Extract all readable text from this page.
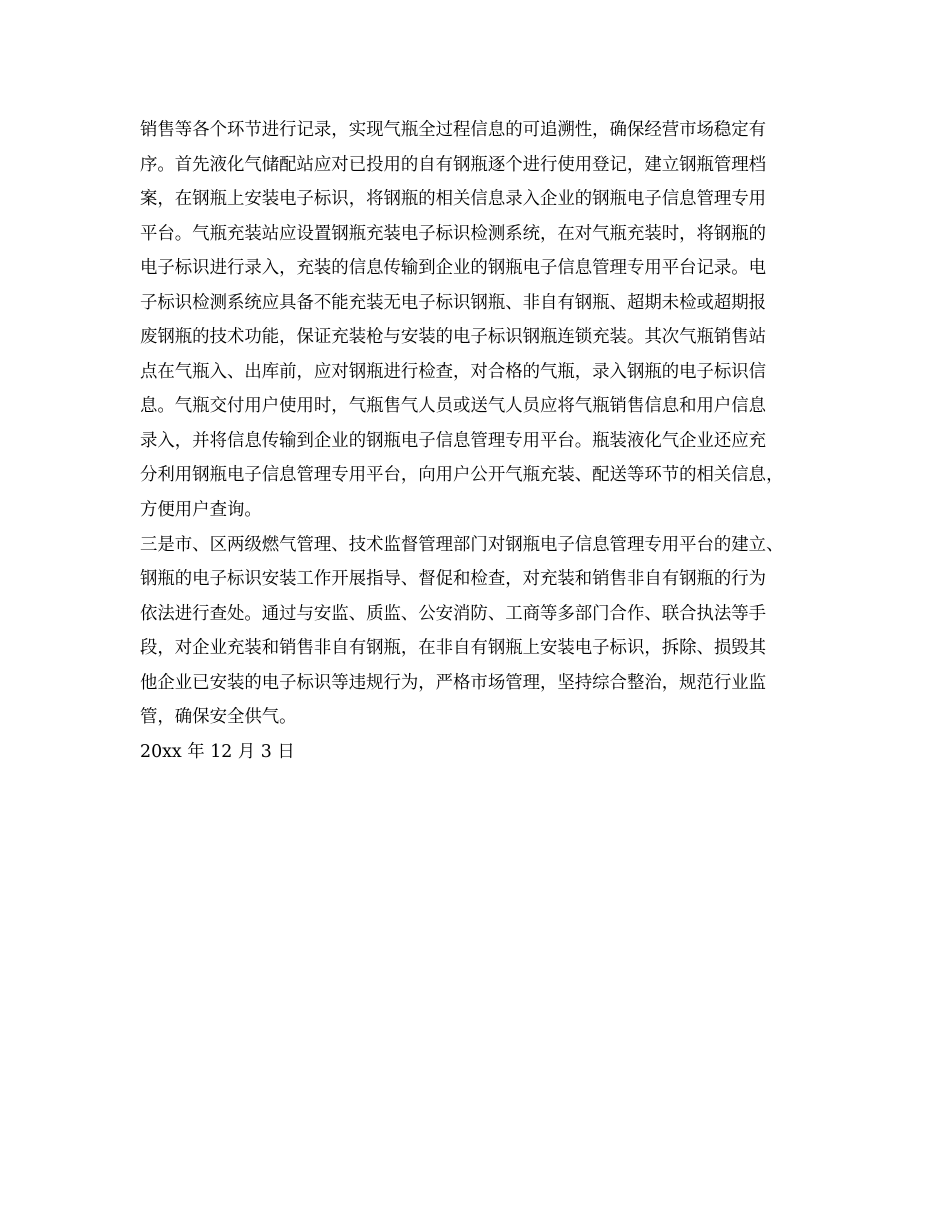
销售等各个环节进行记录，实现气瓶全过程信息的可追溯性，确保经营市场稳定有
序。首先液化气储配站应对已投用的自有钢瓶逐个进行使用登记，建立钢瓶管理档
案，在钢瓶上安装电子标识，将钢瓶的相关信息录入企业的钢瓶电子信息管理专用
平台。气瓶充装站应设置钢瓶充装电子标识检测系统，在对气瓶充装时，将钢瓶的
电子标识进行录入，充装的信息传输到企业的钢瓶电子信息管理专用平台记录。电
子标识检测系统应具备不能充装无电子标识钢瓶、非自有钢瓶、超期未检或超期报
废钢瓶的技术功能，保证充装枪与安装的电子标识钢瓶连锁充装。其次气瓶销售站
点在气瓶入、出库前，应对钢瓶进行检查，对合格的气瓶，录入钢瓶的电子标识信
息。气瓶交付用户使用时，气瓶售气人员或送气人员应将气瓶销售信息和用户信息
录入，并将信息传输到企业的钢瓶电子信息管理专用平台。瓶装液化气企业还应充
分利用钢瓶电子信息管理专用平台，向用户公开气瓶充装、配送等环节的相关信息，
方便用户查询。
三是市、区两级燃气管理、技术监督管理部门对钢瓶电子信息管理专用平台的建立、
钢瓶的电子标识安装工作开展指导、督促和检查，对充装和销售非自有钢瓶的行为
依法进行查处。通过与安监、质监、公安消防、工商等多部门合作、联合执法等手
段，对企业充装和销售非自有钢瓶，在非自有钢瓶上安装电子标识，拆除、损毁其
他企业已安装的电子标识等违规行为，严格市场管理，坚持综合整治，规范行业监
管，确保安全供气。
20xx 年 12 月 3 日
